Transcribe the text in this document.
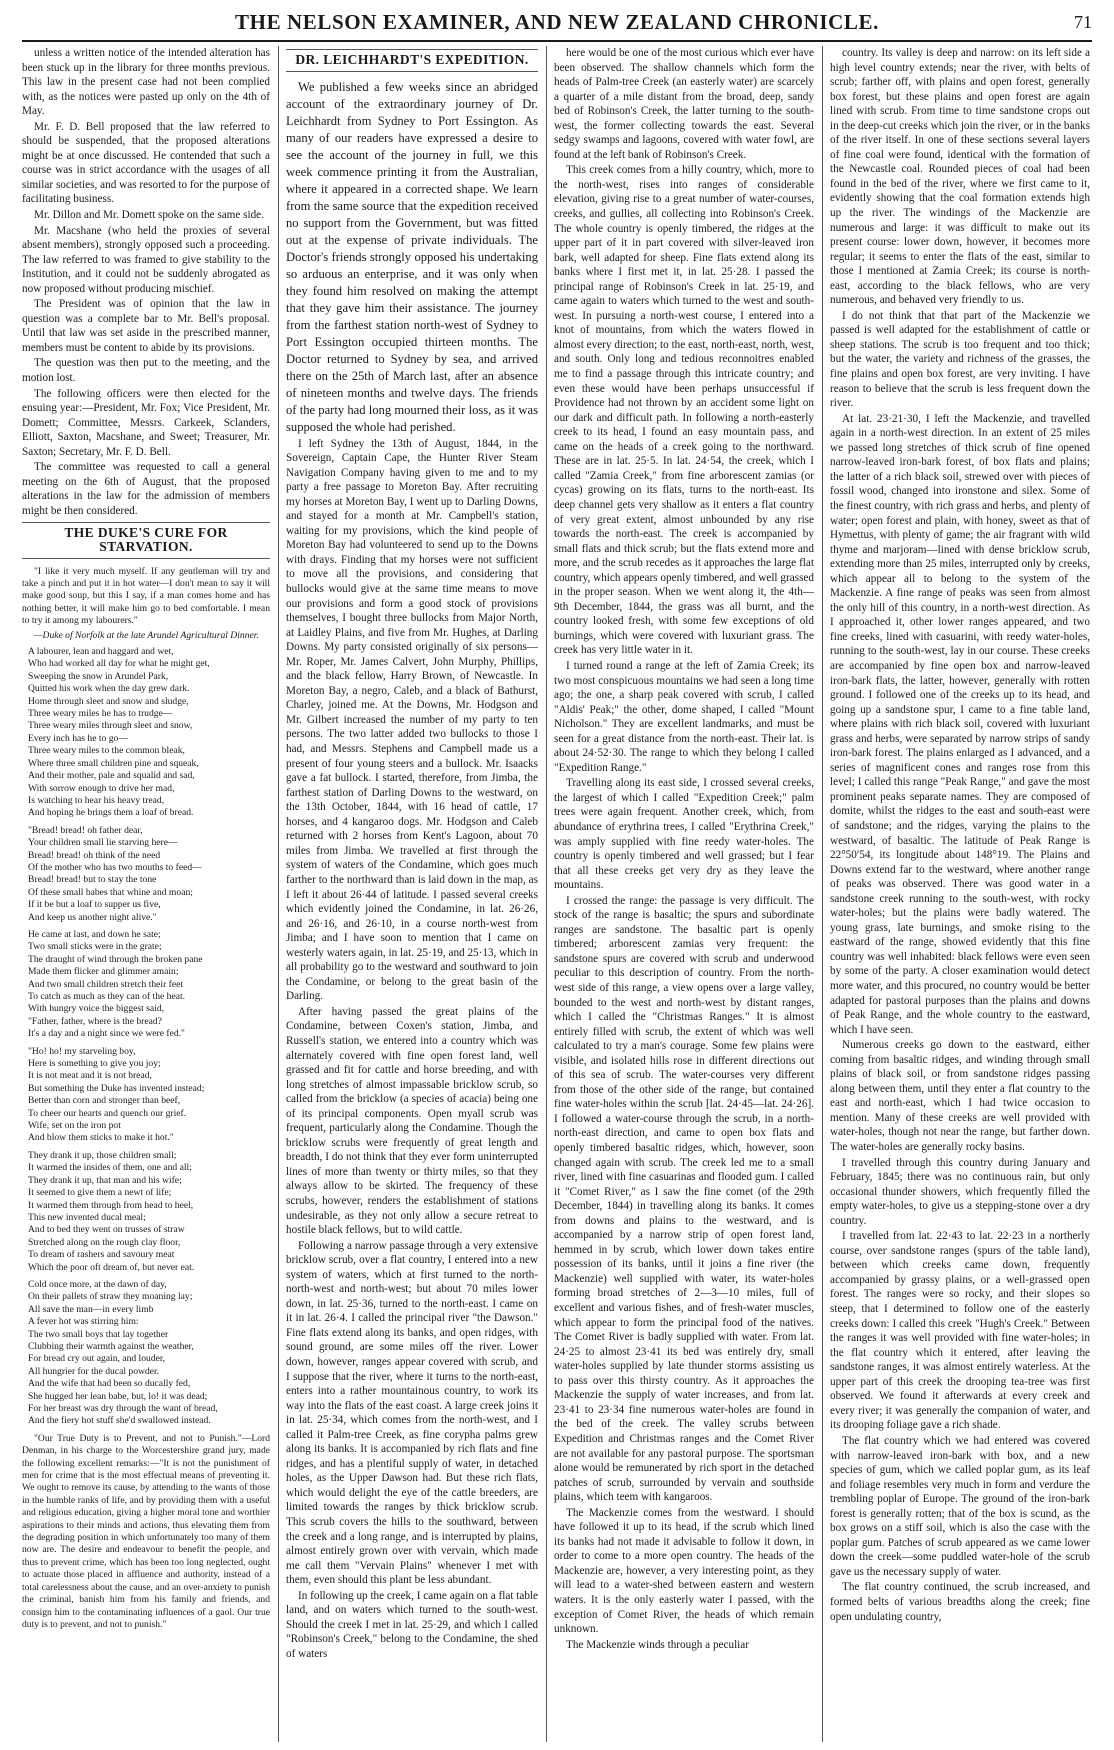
THE NELSON EXAMINER, AND NEW ZEALAND CHRONICLE.	71

unless a written notice of the intended alteration has been stuck up in the library for three months previous. This law in the present case had not been complied with, as the notices were pasted up only on the 4th of May.

Mr. F. D. Bell proposed that the law referred to should be suspended, that the proposed alterations might be at once discussed. He contended that such a course was in strict accordance with the usages of all similar societies, and was resorted to for the purpose of facilitating business.

Mr. Dillon and Mr. Domett spoke on the same side.

Mr. Macshane (who held the proxies of several absent members), strongly opposed such a proceeding. The law referred to was framed to give stability to the Institution, and it could not be suddenly abrogated as now proposed without producing mischief.

The President was of opinion that the law in question was a complete bar to Mr. Bell's proposal. Until that law was set aside in the prescribed manner, members must be content to abide by its provisions.

The question was then put to the meeting, and the motion lost.

The following officers were then elected for the ensuing year:—President, Mr. Fox; Vice President, Mr. Domett; Committee, Messrs. Carkeek, Sclanders, Elliott, Saxton, Macshane, and Sweet; Treasurer, Mr. Saxton; Secretary, Mr. F. D. Bell.

The committee was requested to call a general meeting on the 6th of August, that the proposed alterations in the law for the admission of members might be then considered.

THE DUKE'S CURE FOR STARVATION.

"I like it very much myself. If any gentleman will try and take a pinch and put it in hot water—I don't mean to say it will make good soup, but this I say, if a man comes home and has nothing better, it will make him go to bed comfortable. I mean to try it among my labourers."
—Duke of Norfolk at the late Arundel Agricultural Dinner.

A labourer, lean and haggard and wet,
Who had worked all day for what he might get,
Sweeping the snow in Arundel Park,
Quitted his work when the day grew dark.
Home through sleet and snow and sludge,
Three weary miles he has to trudge—
Three weary miles through sleet and snow,
Every inch has he to go—
Three weary miles to the common bleak,
Where three small children pine and squeak,
And their mother, pale and squalid and sad,
With sorrow enough to drive her mad,
Is watching to hear his heavy tread,
And hoping he brings them a loaf of bread.
"Bread! bread! oh father dear,
Your children small lie starving here—
Bread! bread! oh think of the need
Of the mother who has two mouths to feed—
Bread! bread! but to stay the tone
Of these small babes that whine and moan;
If it be but a loaf to supper us five,
And keep us another night alive."
He came at last, and down he sate;
Two small sticks were in the grate;
The draught of wind through the broken pane
Made them flicker and glimmer amain;
And two small children stretch their feet
To catch as much as they can of the heat.
With hungry voice the biggest said,
"Father, father, where is the bread?
It's a day and a night since we were fed."
"Ho! ho! my starveling boy,
Here is something to give you joy;
It is not meat and it is not bread,
But something the Duke has invented instead;
Better than corn and stronger than beef,
To cheer our hearts and quench our grief.
Wife, set on the iron pot
And blow them sticks to make it hot."
They drank it up, those children small;
It warmed the insides of them, one and all;
They drank it up, that man and his wife;
It seemed to give them a newt of life;
It warmed them through from head to heel,
This new invented ducal meal;
And to bed they went on trusses of straw
Stretched along on the rough clay floor,
To dream of rashers and savoury meat
Which the poor oft dream of, but never eat.
Cold once more, at the dawn of day,
On their pallets of straw they moaning lay;
All save the man—in every limb
A fever hot was stirring him:
The two small boys that lay together
Clubbing their warmth against the weather,
For bread cry out again, and louder,
All hungrier for the ducal powder.
And the wife that had been so ducally fed,
She hugged her lean babe, but, lo! it was dead;
For her breast was dry through the want of bread,
And the fiery hot stuff she'd swallowed instead.

"Our True Duty is to Prevent, and not to Punish."—Lord Denman, in his charge to the Worcestershire grand jury, made the following excellent remarks:—"It is not the punishment of men for crime that is the most effectual means of preventing it. We ought to remove its cause, by attending to the wants of those in the humble ranks of life, and by providing them with a useful and religious education, giving a higher moral tone and worthier aspirations to their minds and actions, thus elevating them from the degrading position in which unfortunately too many of them now are. The desire and endeavour to benefit the people, and thus to prevent crime, which has been too long neglected, ought to actuate those placed in affluence and authority, instead of a total carelessness about the cause, and an over-anxiety to punish the criminal, banish him from his family and friends, and consign him to the contaminating influences of a gaol. Our true duty is to prevent, and not to punish."

DR. LEICHHARDT'S EXPEDITION.

We published a few weeks since an abridged account of the extraordinary journey of Dr. Leichhardt from Sydney to Port Essington. As many of our readers have expressed a desire to see the account of the journey in full, we this week commence printing it from the Australian, where it appeared in a corrected shape. We learn from the same source that the expedition received no support from the Government, but was fitted out at the expense of private individuals. The Doctor's friends strongly opposed his undertaking so arduous an enterprise, and it was only when they found him resolved on making the attempt that they gave him their assistance. The journey from the farthest station north-west of Sydney to Port Essington occupied thirteen months. The Doctor returned to Sydney by sea, and arrived there on the 25th of March last, after an absence of nineteen months and twelve days. The friends of the party had long mourned their loss, as it was supposed the whole had perished.

I left Sydney the 13th of August, 1844, in the Sovereign, Captain Cape, the Hunter River Steam Navigation Company having given to me and to my party a free passage to Moreton Bay. After recruiting my horses at Moreton Bay, I went up to Darling Downs, and stayed for a month at Mr. Campbell's station, waiting for my provisions, which the kind people of Moreton Bay had volunteered to send up to the Downs with drays. Finding that my horses were not sufficient to move all the provisions, and considering that bullocks would give at the same time means to move our provisions and form a good stock of provisions themselves, I bought three bullocks from Major North, at Laidley Plains, and five from Mr. Hughes, at Darling Downs. My party consisted originally of six persons—Mr. Roper, Mr. James Calvert, John Murphy, Phillips, and the black fellow, Harry Brown, of Newcastle. In Moreton Bay, a negro, Caleb, and a black of Bathurst, Charley, joined me. At the Downs, Mr. Hodgson and Mr. Gilbert increased the number of my party to ten persons. The two latter added two bullocks to those I had, and Messrs. Stephens and Campbell made us a present of four young steers and a bullock. Mr. Isaacks gave a fat bullock. I started, therefore, from Jimba, the farthest station of Darling Downs to the westward, on the 13th October, 1844, with 16 head of cattle, 17 horses, and 4 kangaroo dogs. Mr. Hodgson and Caleb returned with 2 horses from Kent's Lagoon, about 70 miles from Jimba. We travelled at first through the system of waters of the Condamine, which goes much farther to the northward than is laid down in the map, as I left it about 26·44 of latitude. I passed several creeks which evidently joined the Condamine, in lat. 26·26, and 26·16, and 26·10, in a course north-west from Jimba; and I have soon to mention that I came on westerly waters again, in lat. 25·19, and 25·13, which in all probability go to the westward and southward to join the Condamine, or belong to the great basin of the Darling.

After having passed the great plains of the Condamine, between Coxen's station, Jimba, and Russell's station, we entered into a country which was alternately covered with fine open forest land, well grassed and fit for cattle and horse breeding, and with long stretches of almost impassable bricklow scrub, so called from the bricklow (a species of acacia) being one of its principal components. Open myall scrub was frequent, particularly along the Condamine. Though the bricklow scrubs were frequently of great length and breadth, I do not think that they ever form uninterrupted lines of more than twenty or thirty miles, so that they always allow to be skirted. The frequency of these scrubs, however, renders the establishment of stations undesirable, as they not only allow a secure retreat to hostile black fellows, but to wild cattle.

Following a narrow passage through a very extensive bricklow scrub, over a flat country, I entered into a new system of waters, which at first turned to the north-north-west and north-west; but about 70 miles lower down, in lat. 25·36, turned to the north-east. I came on it in lat. 26·4. I called the principal river "the Dawson." Fine flats extend along its banks, and open ridges, with sound ground, are some miles off the river. Lower down, however, ranges appear covered with scrub, and I suppose that the river, where it turns to the north-east, enters into a rather mountainous country, to work its way into the flats of the east coast. A large creek joins it in lat. 25·34, which comes from the north-west, and I called it Palm-tree Creek, as fine corypha palms grew along its banks. It is accompanied by rich flats and fine ridges, and has a plentiful supply of water, in detached holes, as the Upper Dawson had. But these rich flats, which would delight the eye of the cattle breeders, are limited towards the ranges by thick bricklow scrub. This scrub covers the hills to the southward, between the creek and a long range, and is interrupted by plains, almost entirely grown over with vervain, which made me call them "Vervain Plains" whenever I met with them, even should this plant be less abundant.

In following up the creek, I came again on a flat table land, and on waters which turned to the south-west. Should the creek I met in lat. 25·29, and which I called "Robinson's Creek," belong to the Condamine, the shed of waters

here would be one of the most curious which ever have been observed. The shallow channels which form the heads of Palm-tree Creek (an easterly water) are scarcely a quarter of a mile distant from the broad, deep, sandy bed of Robinson's Creek, the latter turning to the south-west, the former collecting towards the east. Several sedgy swamps and lagoons, covered with water fowl, are found at the left bank of Robinson's Creek.

This creek comes from a hilly country, which, more to the north-west, rises into ranges of considerable elevation, giving rise to a great number of water-courses, creeks, and gullies, all collecting into Robinson's Creek. The whole country is openly timbered, the ridges at the upper part of it in part covered with silver-leaved iron bark, well adapted for sheep. Fine flats extend along its banks where I first met it, in lat. 25·28. I passed the principal range of Robinson's Creek in lat. 25·19, and came again to waters which turned to the west and south-west. In pursuing a north-west course, I entered into a knot of mountains, from which the waters flowed in almost every direction; to the east, north-east, north, west, and south. Only long and tedious reconnoitres enabled me to find a passage through this intricate country; and even these would have been perhaps unsuccessful if Providence had not thrown by an accident some light on our dark and difficult path. In following a north-easterly creek to its head, I found an easy mountain pass, and came on the heads of a creek going to the northward. These are in lat. 25·5. In lat. 24·54, the creek, which I called "Zamia Creek," from fine arborescent zamias (or cycas) growing on its flats, turns to the north-east. Its deep channel gets very shallow as it enters a flat country of very great extent, almost unbounded by any rise towards the north-east. The creek is accompanied by small flats and thick scrub; but the flats extend more and more, and the scrub recedes as it approaches the large flat country, which appears openly timbered, and well grassed in the proper season. When we went along it, the 4th—9th December, 1844, the grass was all burnt, and the country looked fresh, with some few exceptions of old burnings, which were covered with luxuriant grass. The creek has very little water in it.

I turned round a range at the left of Zamia Creek; its two most conspicuous mountains we had seen a long time ago; the one, a sharp peak covered with scrub, I called "Aldis' Peak;" the other, dome shaped, I called "Mount Nicholson." They are excellent landmarks, and must be seen for a great distance from the north-east. Their lat. is about 24·52·30. The range to which they belong I called "Expedition Range."

Travelling along its east side, I crossed several creeks, the largest of which I called "Expedition Creek;" palm trees were again frequent. Another creek, which, from abundance of erythrina trees, I called "Erythrina Creek," was amply supplied with fine reedy water-holes. The country is openly timbered and well grassed; but I fear that all these creeks get very dry as they leave the mountains.

I crossed the range: the passage is very difficult. The stock of the range is basaltic; the spurs and subordinate ranges are sandstone. The basaltic part is openly timbered; arborescent zamias very frequent: the sandstone spurs are covered with scrub and underwood peculiar to this description of country. From the north-west side of this range, a view opens over a large valley, bounded to the west and north-west by distant ranges, which I called the "Christmas Ranges." It is almost entirely filled with scrub, the extent of which was well calculated to try a man's courage. Some few plains were visible, and isolated hills rose in different directions out of this sea of scrub. The water-courses very different from those of the other side of the range, but contained fine water-holes within the scrub [lat. 24·45—lat. 24·26]. I followed a water-course through the scrub, in a north-north-east direction, and came to open box flats and openly timbered basaltic ridges, which, however, soon changed again with scrub. The creek led me to a small river, lined with fine casuarinas and flooded gum. I called it "Comet River," as I saw the fine comet (of the 29th December, 1844) in travelling along its banks. It comes from downs and plains to the westward, and is accompanied by a narrow strip of open forest land, hemmed in by scrub, which lower down takes entire possession of its banks, until it joins a fine river (the Mackenzie) well supplied with water, its water-holes forming broad stretches of 2—3—10 miles, full of excellent and various fishes, and of fresh-water muscles, which appear to form the principal food of the natives. The Comet River is badly supplied with water. From lat. 24·25 to almost 23·41 its bed was entirely dry, small water-holes supplied by late thunder storms assisting us to pass over this thirsty country. As it approaches the Mackenzie the supply of water increases, and from lat. 23·41 to 23·34 fine numerous water-holes are found in the bed of the creek. The valley scrubs between Expedition and Christmas ranges and the Comet River are not available for any pastoral purpose. The sportsman alone would be remunerated by rich sport in the detached patches of scrub, surrounded by vervain and southside plains, which teem with kangaroos.

The Mackenzie comes from the westward. I should have followed it up to its head, if the scrub which lined its banks had not made it advisable to follow it down, in order to come to a more open country. The heads of the Mackenzie are, however, a very interesting point, as they will lead to a water-shed between eastern and western waters. It is the only easterly water I passed, with the exception of Comet River, the heads of which remain unknown.

The Mackenzie winds through a peculiar

country. Its valley is deep and narrow: on its left side a high level country extends; near the river, with belts of scrub; farther off, with plains and open forest, generally box forest, but these plains and open forest are again lined with scrub. From time to time sandstone crops out in the deep-cut creeks which join the river, or in the banks of the river itself. In one of these sections several layers of fine coal were found, identical with the formation of the Newcastle coal. Rounded pieces of coal had been found in the bed of the river, where we first came to it, evidently showing that the coal formation extends high up the river. The windings of the Mackenzie are numerous and large: it was difficult to make out its present course: lower down, however, it becomes more regular; it seems to enter the flats of the east, similar to those I mentioned at Zamia Creek; its course is north-east, according to the black fellows, who are very numerous, and behaved very friendly to us.

I do not think that that part of the Mackenzie we passed is well adapted for the establishment of cattle or sheep stations. The scrub is too frequent and too thick; but the water, the variety and richness of the grasses, the fine plains and open box forest, are very inviting. I have reason to believe that the scrub is less frequent down the river.

At lat. 23·21·30, I left the Mackenzie, and travelled again in a north-west direction. In an extent of 25 miles we passed long stretches of thick scrub of fine opened narrow-leaved iron-bark forest, of box flats and plains; the latter of a rich black soil, strewed over with pieces of fossil wood, changed into ironstone and silex. Some of the finest country, with rich grass and herbs, and plenty of water; open forest and plain, with honey, sweet as that of Hymettus, with plenty of game; the air fragrant with wild thyme and marjoram—lined with dense bricklow scrub, extending more than 25 miles, interrupted only by creeks, which appear all to belong to the system of the Mackenzie. A fine range of peaks was seen from almost the only hill of this country, in a north-west direction. As I approached it, other lower ranges appeared, and two fine creeks, lined with casuarini, with reedy water-holes, running to the south-west, lay in our course. These creeks are accompanied by fine open box and narrow-leaved iron-bark flats, the latter, however, generally with rotten ground. I followed one of the creeks up to its head, and going up a sandstone spur, I came to a fine table land, where plains with rich black soil, covered with luxuriant grass and herbs, were separated by narrow strips of sandy iron-bark forest. The plains enlarged as I advanced, and a series of magnificent cones and ranges rose from this level; I called this range "Peak Range," and gave the most prominent peaks separate names. They are composed of domite, whilst the ridges to the east and south-east were of sandstone; and the ridges, varying the plains to the westward, of basaltic. The latitude of Peak Range is 22°50′54, its longitude about 148°19. The Plains and Downs extend far to the westward, where another range of peaks was observed. There was good water in a sandstone creek running to the south-west, with rocky water-holes; but the plains were badly watered. The young grass, late burnings, and smoke rising to the eastward of the range, showed evidently that this fine country was well inhabited: black fellows were even seen by some of the party. A closer examination would detect more water, and this procured, no country would be better adapted for pastoral purposes than the plains and downs of Peak Range, and the whole country to the eastward, which I have seen.

Numerous creeks go down to the eastward, either coming from basaltic ridges, and winding through small plains of black soil, or from sandstone ridges passing along between them, until they enter a flat country to the east and north-east, which I had twice occasion to mention. Many of these creeks are well provided with water-holes, though not near the range, but farther down. The water-holes are generally rocky basins.

I travelled through this country during January and February, 1845; there was no continuous rain, but only occasional thunder showers, which frequently filled the empty water-holes, to give us a stepping-stone over a dry country.

I travelled from lat. 22·43 to lat. 22·23 in a northerly course, over sandstone ranges (spurs of the table land), between which creeks came down, frequently accompanied by grassy plains, or a well-grassed open forest. The ranges were so rocky, and their slopes so steep, that I determined to follow one of the easterly creeks down: I called this creek "Hugh's Creek." Between the ranges it was well provided with fine water-holes; in the flat country which it entered, after leaving the sandstone ranges, it was almost entirely waterless. At the upper part of this creek the drooping tea-tree was first observed. We found it afterwards at every creek and every river; it was generally the companion of water, and its drooping foliage gave a rich shade.

The flat country which we had entered was covered with narrow-leaved iron-bark with box, and a new species of gum, which we called poplar gum, as its leaf and foliage resembles very much in form and verdure the trembling poplar of Europe. The ground of the iron-bark forest is generally rotten; that of the box is scund, as the box grows on a stiff soil, which is also the case with the poplar gum. Patches of scrub appeared as we came lower down the creek—some puddled water-hole of the scrub gave us the necessary supply of water.

The flat country continued, the scrub increased, and formed belts of various breadths along the creek; fine open undulating country,
